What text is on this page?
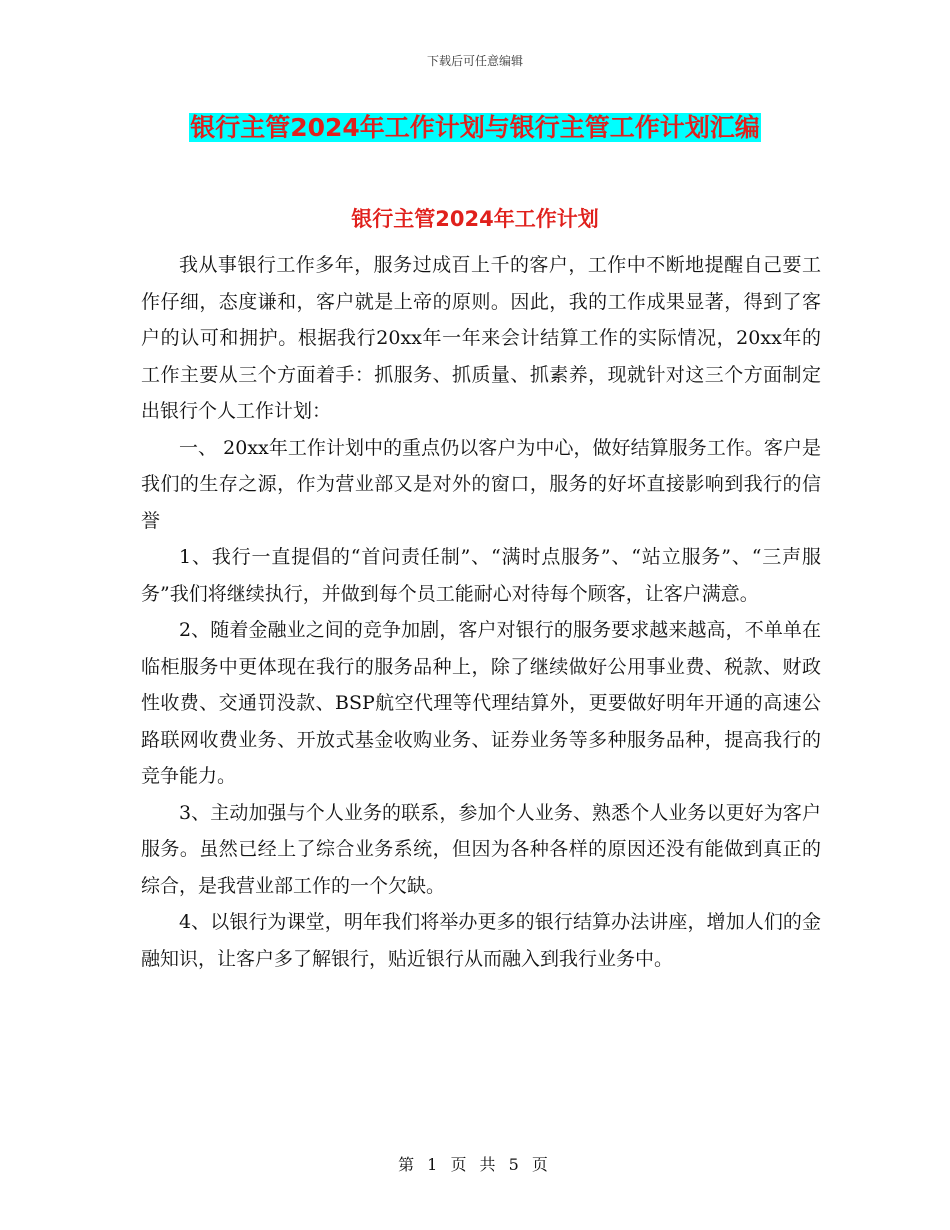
下载后可任意编辑
银行主管2024年工作计划与银行主管工作计划汇编
银行主管2024年工作计划

我从事银行工作多年，服务过成百上千的客户，工作中不断地提醒自己要工作仔细，态度谦和，客户就是上帝的原则。因此，我的工作成果显著，得到了客户的认可和拥护。根据我行20xx年一年来会计结算工作的实际情况，20xx年的工作主要从三个方面着手：抓服务、抓质量、抓素养，现就针对这三个方面制定出银行个人工作计划：

一、 20xx年工作计划中的重点仍以客户为中心，做好结算服务工作。客户是我们的生存之源，作为营业部又是对外的窗口，服务的好坏直接影响到我行的信誉

1、我行一直提倡的“首问责任制”、“满时点服务”、“站立服务”、“三声服务”我们将继续执行，并做到每个员工能耐心对待每个顾客，让客户满意。

2、随着金融业之间的竞争加剧，客户对银行的服务要求越来越高，不单单在临柜服务中更体现在我行的服务品种上，除了继续做好公用事业费、税款、财政性收费、交通罚没款、BSP航空代理等代理结算外，更要做好明年开通的高速公路联网收费业务、开放式基金收购业务、证券业务等多种服务品种，提高我行的竞争能力。

3、主动加强与个人业务的联系，参加个人业务、熟悉个人业务以更好为客户服务。虽然已经上了综合业务系统，但因为各种各样的原因还没有能做到真正的综合，是我营业部工作的一个欠缺。

4、以银行为课堂，明年我们将举办更多的银行结算办法讲座，增加人们的金融知识，让客户多了解银行，贴近银行从而融入到我行业务中。

第 1 页 共 5 页
